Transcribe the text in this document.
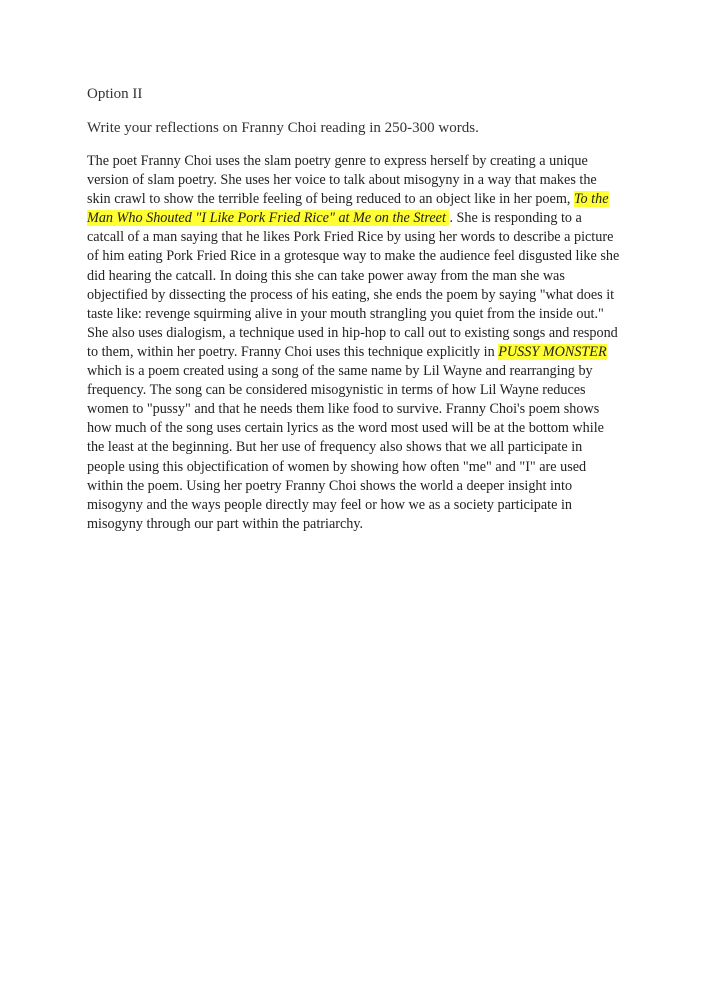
Option II

Write your reflections on Franny Choi reading in 250-300 words.

The poet Franny Choi uses the slam poetry genre to express herself by creating a unique
version of slam poetry. She uses her voice to talk about misogyny in a way that makes the
skin crawl to show the terrible feeling of being reduced to an object like in her poem, To the
Man Who Shouted "I Like Pork Fried Rice" at Me on the Street . She is responding to a
catcall of a man saying that he likes Pork Fried Rice by using her words to describe a picture
of him eating Pork Fried Rice in a grotesque way to make the audience feel disgusted like she
did hearing the catcall. In doing this she can take power away from the man she was
objectified by dissecting the process of his eating, she ends the poem by saying "what does it
taste like: revenge squirming alive in your mouth strangling you quiet from the inside out."
She also uses dialogism, a technique used in hip-hop to call out to existing songs and respond
to them, within her poetry. Franny Choi uses this technique explicitly in PUSSY MONSTER
which is a poem created using a song of the same name by Lil Wayne and rearranging by
frequency. The song can be considered misogynistic in terms of how Lil Wayne reduces
women to "pussy" and that he needs them like food to survive. Franny Choi's poem shows
how much of the song uses certain lyrics as the word most used will be at the bottom while
the least at the beginning. But her use of frequency also shows that we all participate in
people using this objectification of women by showing how often "me" and "I" are used
within the poem. Using her poetry Franny Choi shows the world a deeper insight into
misogyny and the ways people directly may feel or how we as a society participate in
misogyny through our part within the patriarchy.
